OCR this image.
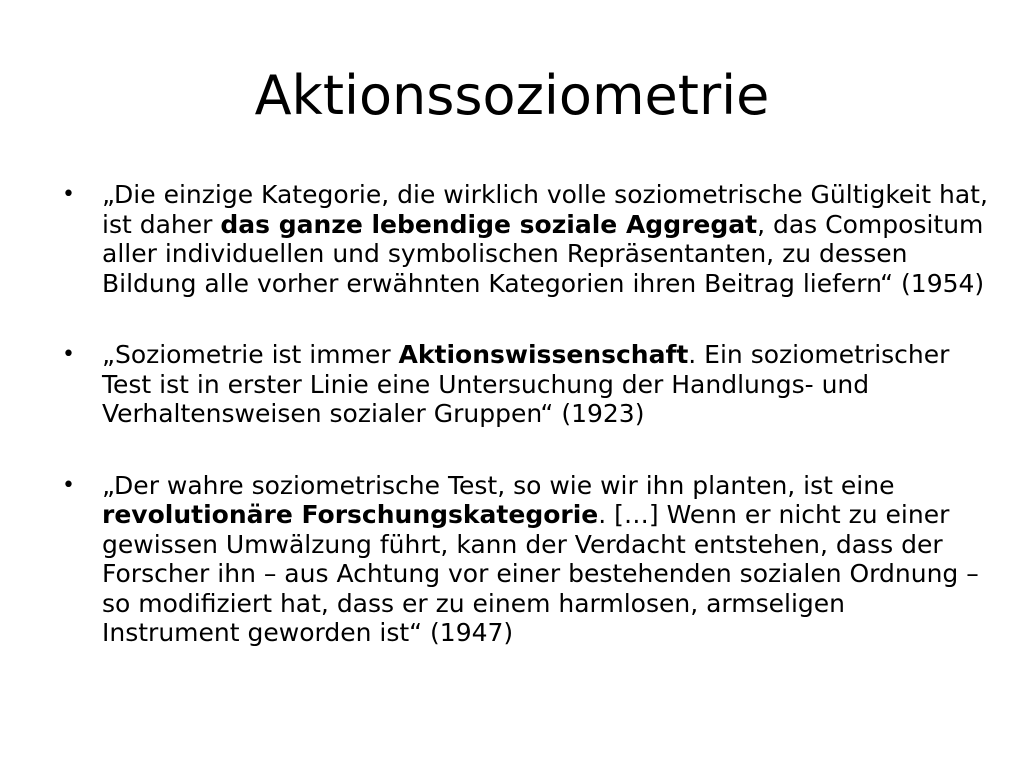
Aktionssoziometrie
• „Die einzige Kategorie, die wirklich volle soziometrische Gültigkeit hat, ist daher das ganze lebendige soziale Aggregat, das Compositum aller individuellen und symbolischen Repräsentanten, zu dessen Bildung alle vorher erwähnten Kategorien ihren Beitrag liefern“ (1954)
• „Soziometrie ist immer Aktionswissenschaft. Ein soziometrischer Test ist in erster Linie eine Untersuchung der Handlungs- und Verhaltensweisen sozialer Gruppen“ (1923)
• „Der wahre soziometrische Test, so wie wir ihn planten, ist eine revolutionäre Forschungskategorie. […] Wenn er nicht zu einer gewissen Umwälzung führt, kann der Verdacht entstehen, dass der Forscher ihn – aus Achtung vor einer bestehenden sozialen Ordnung – so modifiziert hat, dass er zu einem harmlosen, armseligen Instrument geworden ist“ (1947)
